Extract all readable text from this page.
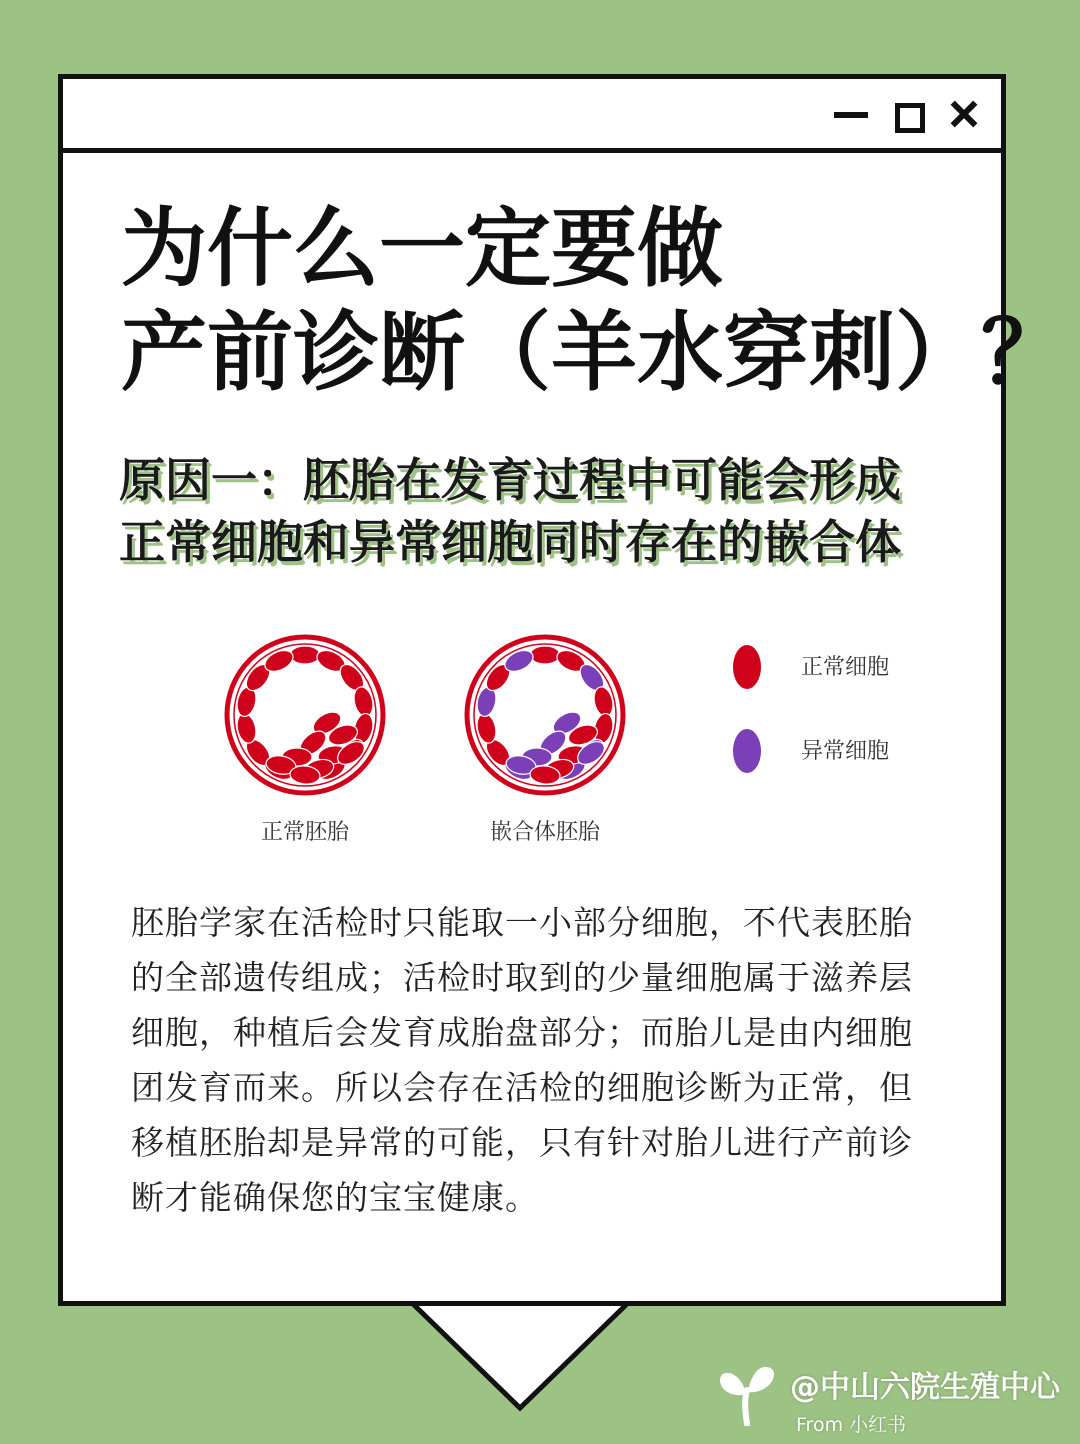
为什么一定要做
产前诊断（羊水穿刺）？
原因一：胚胎在发育过程中可能会形成
正常细胞和异常细胞同时存在的嵌合体
正常胚胎	嵌合体胚胎
正常细胞
异常细胞

胚胎学家在活检时只能取一小部分细胞，不代表胚胎
的全部遗传组成；活检时取到的少量细胞属于滋养层
细胞，种植后会发育成胎盘部分；而胎儿是由内细胞
团发育而来。所以会存在活检的细胞诊断为正常，但
移植胚胎却是异常的可能，只有针对胎儿进行产前诊
断才能确保您的宝宝健康。

@中山六院生殖中心
From 小红书
